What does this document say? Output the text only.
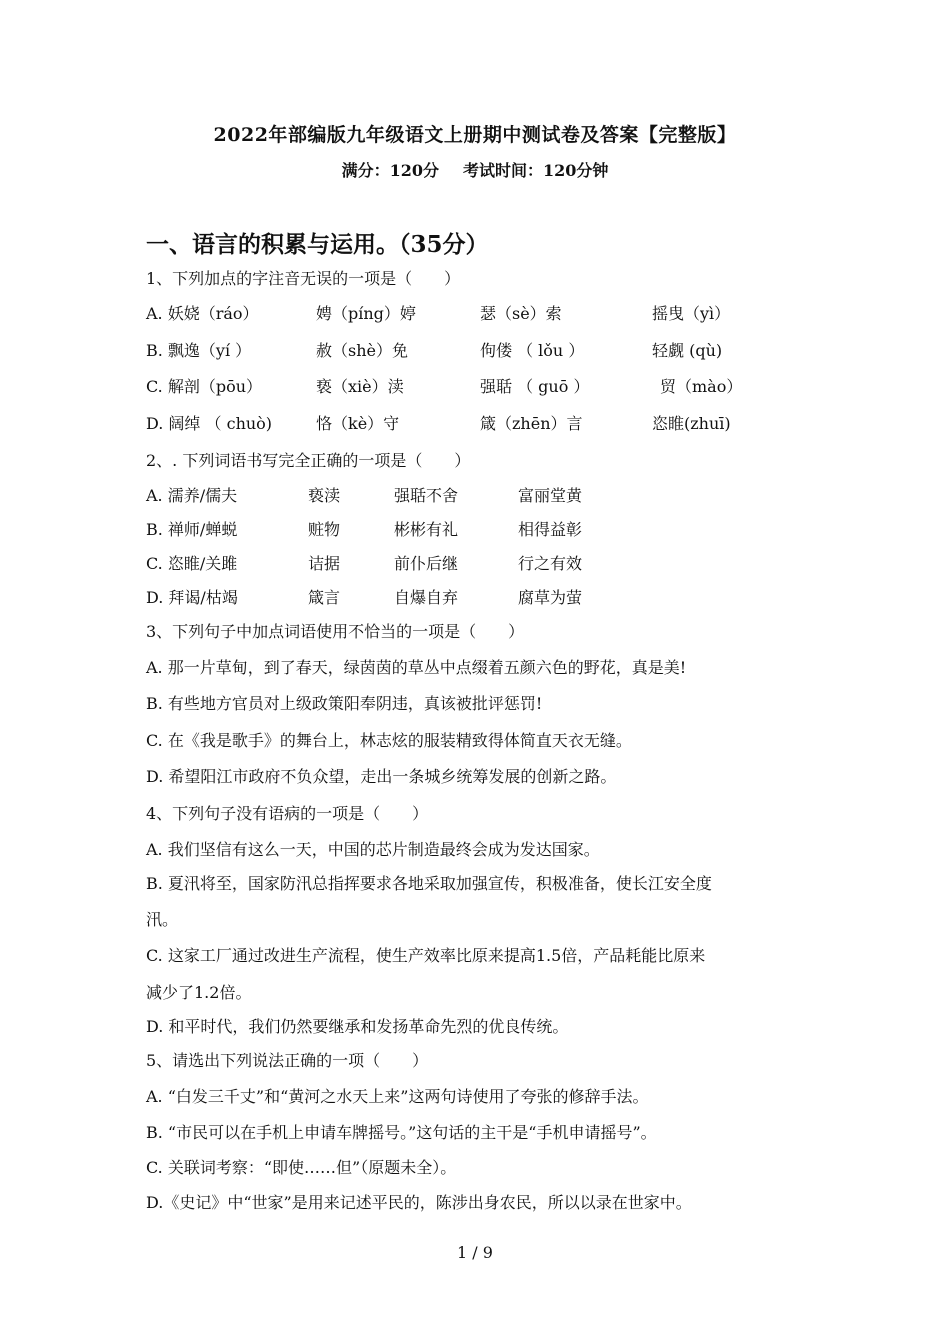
2022年部编版九年级语文上册期中测试卷及答案【完整版】
满分：120分 考试时间：120分钟
一、语言的积累与运用。（35分）
1、下列加点的字注音无误的一项是（　　）
A. 妖娆（ráo）	娉（píng）婷	瑟（sè）索	摇曳（yì）
B. 飘逸（yí ）	赦（shè）免	佝偻 （ lǒu ）	轻觑 (qù)
C. 解剖（pōu）	亵（xiè）渎	强聒 （ guō ）	贸（mào）
D. 阔绰 （ chuò)	恪（kè）守	箴（zhēn）言	恣睢(zhuī)
2、. 下列词语书写完全正确的一项是（　　）
A. 濡养/儒夫	亵渎	强聒不舍	富丽堂黄
B. 禅师/蝉蜕	赃物	彬彬有礼	相得益彰
C. 恣睢/关雎	诘据	前仆后继	行之有效
D. 拜谒/枯竭	箴言	自爆自弃	腐草为萤
3、下列句子中加点词语使用不恰当的一项是（　　）
A. 那一片草甸，到了春天，绿茵茵的草丛中点缀着五颜六色的野花，真是美!
B. 有些地方官员对上级政策阳奉阴违，真该被批评惩罚!
C. 在《我是歌手》的舞台上，林志炫的服装精致得体简直天衣无缝。
D. 希望阳江市政府不负众望，走出一条城乡统筹发展的创新之路。
4、下列句子没有语病的一项是（　　）
A. 我们坚信有这么一天，中国的芯片制造最终会成为发达国家。
B. 夏汛将至，国家防汛总指挥要求各地采取加强宣传，积极准备，使长江安全度
汛。
C. 这家工厂通过改进生产流程，使生产效率比原来提高1.5倍，产品耗能比原来
减少了1.2倍。
D. 和平时代，我们仍然要继承和发扬革命先烈的优良传统。
5、请选出下列说法正确的一项（　　）
A. “白发三千丈”和“黄河之水天上来”这两句诗使用了夸张的修辞手法。
B. “市民可以在手机上申请车牌摇号。”这句话的主干是“手机申请摇号”。
C. 关联词考察：“即使……但”（原题未全）。
D.《史记》中“世家”是用来记述平民的，陈涉出身农民，所以以录在世家中。
1 / 9
